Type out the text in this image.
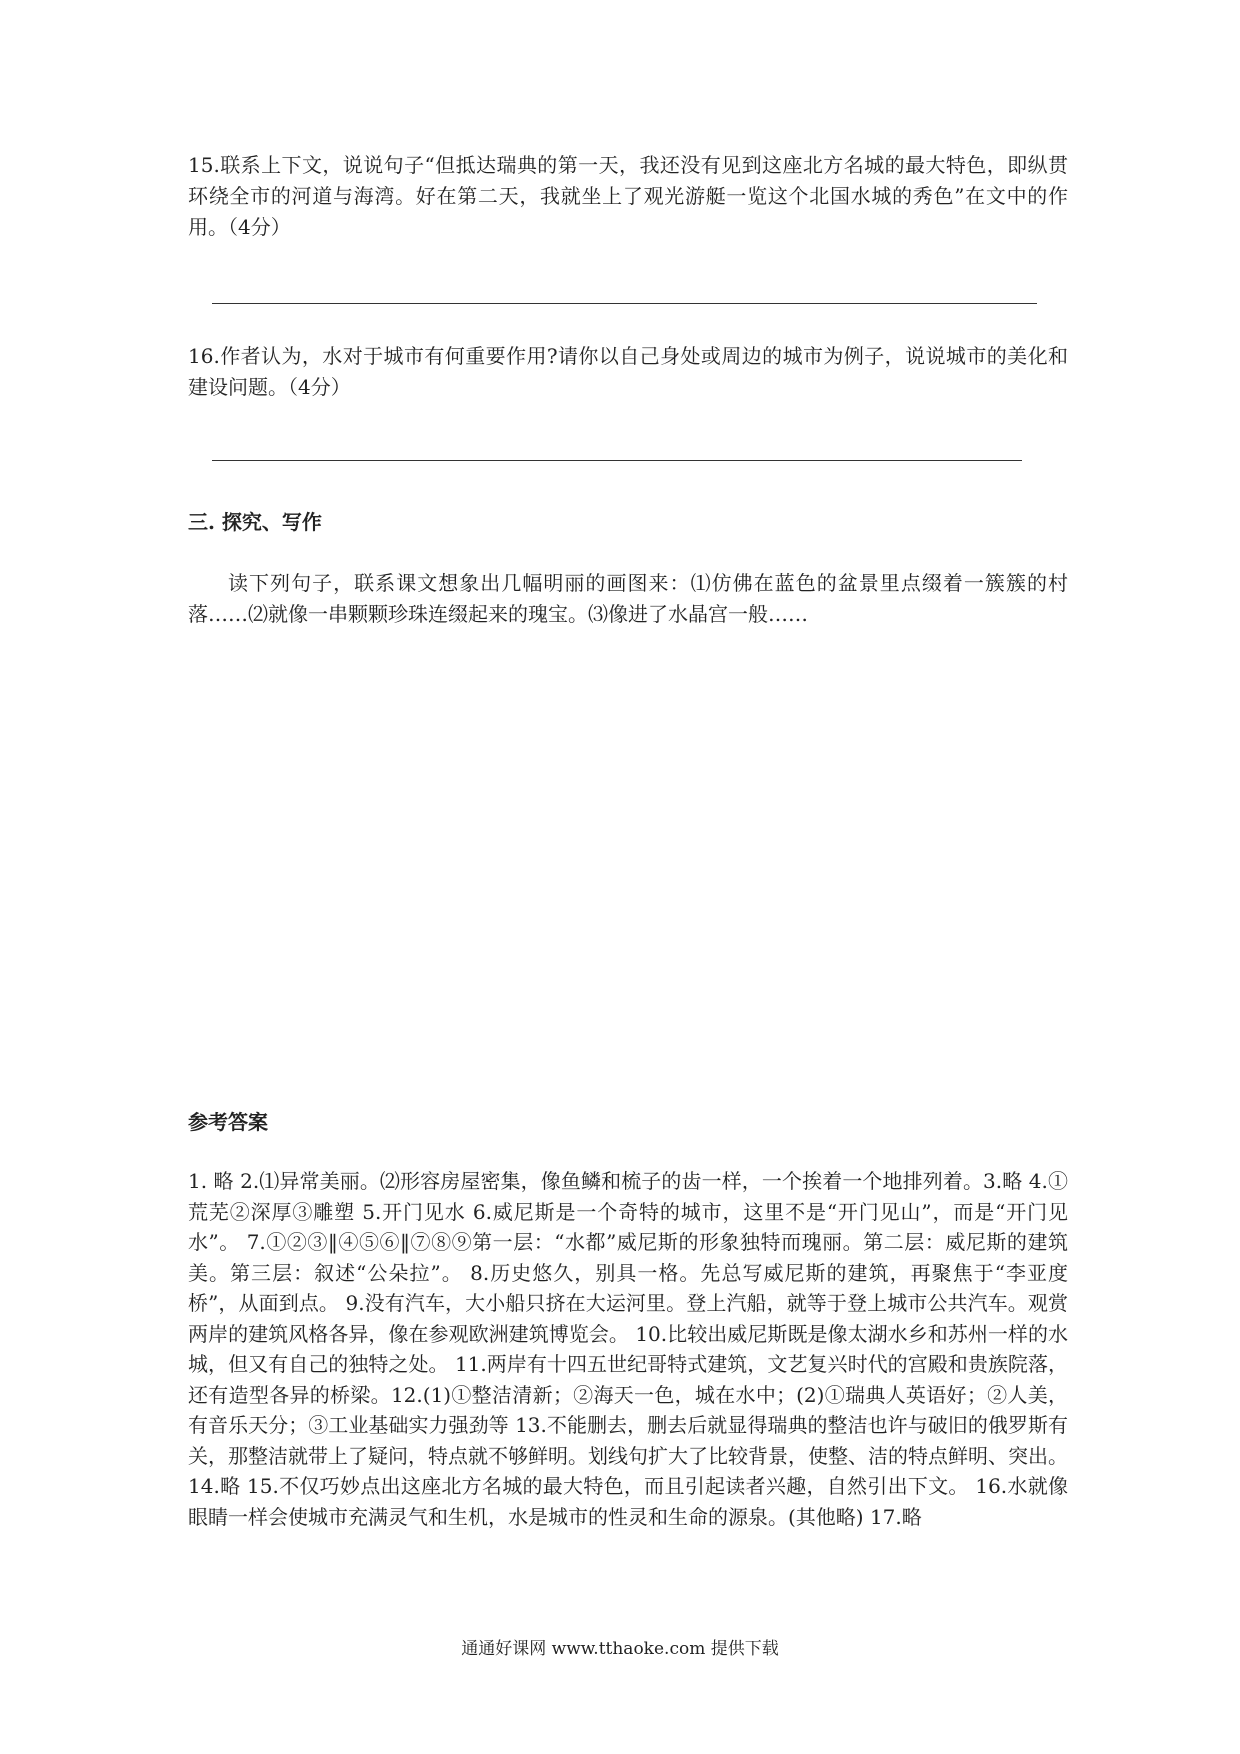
15.联系上下文，说说句子“但抵达瑞典的第一天，我还没有见到这座北方名城的最大特色，即纵贯环绕全市的河道与海湾。好在第二天，我就坐上了观光游艇一览这个北国水城的秀色”在文中的作用。（4分）

16.作者认为，水对于城市有何重要作用?请你以自己身处或周边的城市为例子，说说城市的美化和建设问题。（4分）

三. 探究、写作

读下列句子，联系课文想象出几幅明丽的画图来：⑴仿佛在蓝色的盆景里点缀着一簇簇的村落……⑵就像一串颗颗珍珠连缀起来的瑰宝。⑶像进了水晶宫一般……

参考答案

1. 略 2.⑴异常美丽。⑵形容房屋密集，像鱼鳞和梳子的齿一样，一个挨着一个地排列着。3.略 4.①荒芜②深厚③雕塑 5.开门见水 6.威尼斯是一个奇特的城市，这里不是“开门见山”，而是“开门见水”。 7.①②③‖④⑤⑥‖⑦⑧⑨第一层：“水都”威尼斯的形象独特而瑰丽。第二层：威尼斯的建筑美。第三层：叙述“公朵拉”。 8.历史悠久，别具一格。先总写威尼斯的建筑，再聚焦于“李亚度桥”，从面到点。 9.没有汽车，大小船只挤在大运河里。登上汽船，就等于登上城市公共汽车。观赏两岸的建筑风格各异，像在参观欧洲建筑博览会。 10.比较出威尼斯既是像太湖水乡和苏州一样的水城，但又有自己的独特之处。 11.两岸有十四五世纪哥特式建筑，文艺复兴时代的宫殿和贵族院落，还有造型各异的桥梁。12.(1)①整洁清新；②海天一色，城在水中；(2)①瑞典人英语好；②人美，有音乐天分；③工业基础实力强劲等 13.不能删去，删去后就显得瑞典的整洁也许与破旧的俄罗斯有关，那整洁就带上了疑问，特点就不够鲜明。划线句扩大了比较背景，使整、洁的特点鲜明、突出。 14.略 15.不仅巧妙点出这座北方名城的最大特色，而且引起读者兴趣，自然引出下文。 16.水就像眼睛一样会使城市充满灵气和生机，水是城市的性灵和生命的源泉。(其他略) 17.略

通通好课网 www.tthaoke.com 提供下载
